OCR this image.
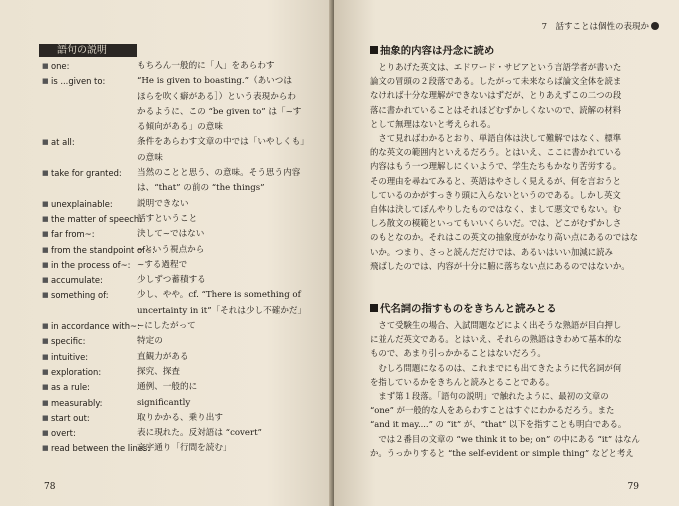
語句の説明
■ one:	もちろん一般的に「人」をあらわす
■ is ...given to:	“He is given to boasting.”（あいつは
ほらを吹く癖がある］）という表現からわ
かるように、この “be given to” は「~す
る傾向がある」の意味
■ at all:	条件をあらわす文章の中では「いやしくも」
の意味
■ take for granted:	当然のことと思う、の意味。そう思う内容
は、“that” の前の “the things”
■ unexplainable:	説明できない
■ the matter of speech:
話すということ
■ far from~:	決して~ではない
■ from the standpoint of~:
~という視点から
■ in the process of~: ~する過程で
■ accumulate:	少しずつ蓄積する
■ something of:	少し、やや。cf. “There is something of
uncertainty in it”「それは少し不確かだ」
■ in accordance with~:
~にしたがって
■ specific:	特定の
■ intuitive:	直観力がある
■ exploration:	探究、探査
■ as a rule:	通例、一般的に
■ measurably:	significantly
■ start out:	取りかかる、乗り出す
■ overt:	表に現れた。反対語は “covert”
■ read between the lines:
文字通り「行間を読む」
78
7　話すことは個性の表現か
抽象的内容は丹念に読め
　とりあげた英文は、エドワード・サピアという言語学者が書いた
論文の冒頭の２段落である。したがって未来ならば論文全体を読ま
なければ十分な理解ができないはずだが、とりあえずこの二つの段
落に書かれていることはそれほどむずかしくないので、読解の材料
として無理はないと考えられる。
　さて見ればわかるとおり、単語自体は決して難解ではなく、標準
的な英文の範囲内といえるだろう。とはいえ、ここに書かれている
内容はもう一つ理解しにくいようで、学生たちもかなり苦労する。
その理由を尋ねてみると、英語はやさしく見えるが、何を言おうと
しているのかがすっきり頭に入らないというのである。しかし英文
自体は決してぼんやりしたものではなく、まして悪文でもない。む
しろ散文の模範といってもいいくらいだ。では、どこがむずかしさ
のもとなのか。それはこの英文の抽象度がかなり高い点にあるのではな
いか。つまり、さっと読んだだけでは、あるいはいい加減に読み
飛ばしたのでは、内容が十分に腑に落ちない点にあるのではないか。
代名詞の指すものをきちんと読みとる
　さて受験生の場合、入試問題などによく出そうな熟語が目白押し
に並んだ英文である。とはいえ、それらの熟語はきわめて基本的な
もので、あまり引っかかることはないだろう。
　むしろ問題になるのは、これまでにも出てきたように代名詞が何
を指しているかをきちんと読みとることである。
　まず第１段落。「語句の説明」で触れたように、最初の文章の
“one” が一般的な人をあらわすことはすぐにわかるだろう。また
“and it may....” の “it” が、“that” 以下を指すことも明白である。
　では２番目の文章の “we think it to be; on” の中にある “it” はなん
か。うっかりすると “the self-evident or simple thing” などと考え
79
